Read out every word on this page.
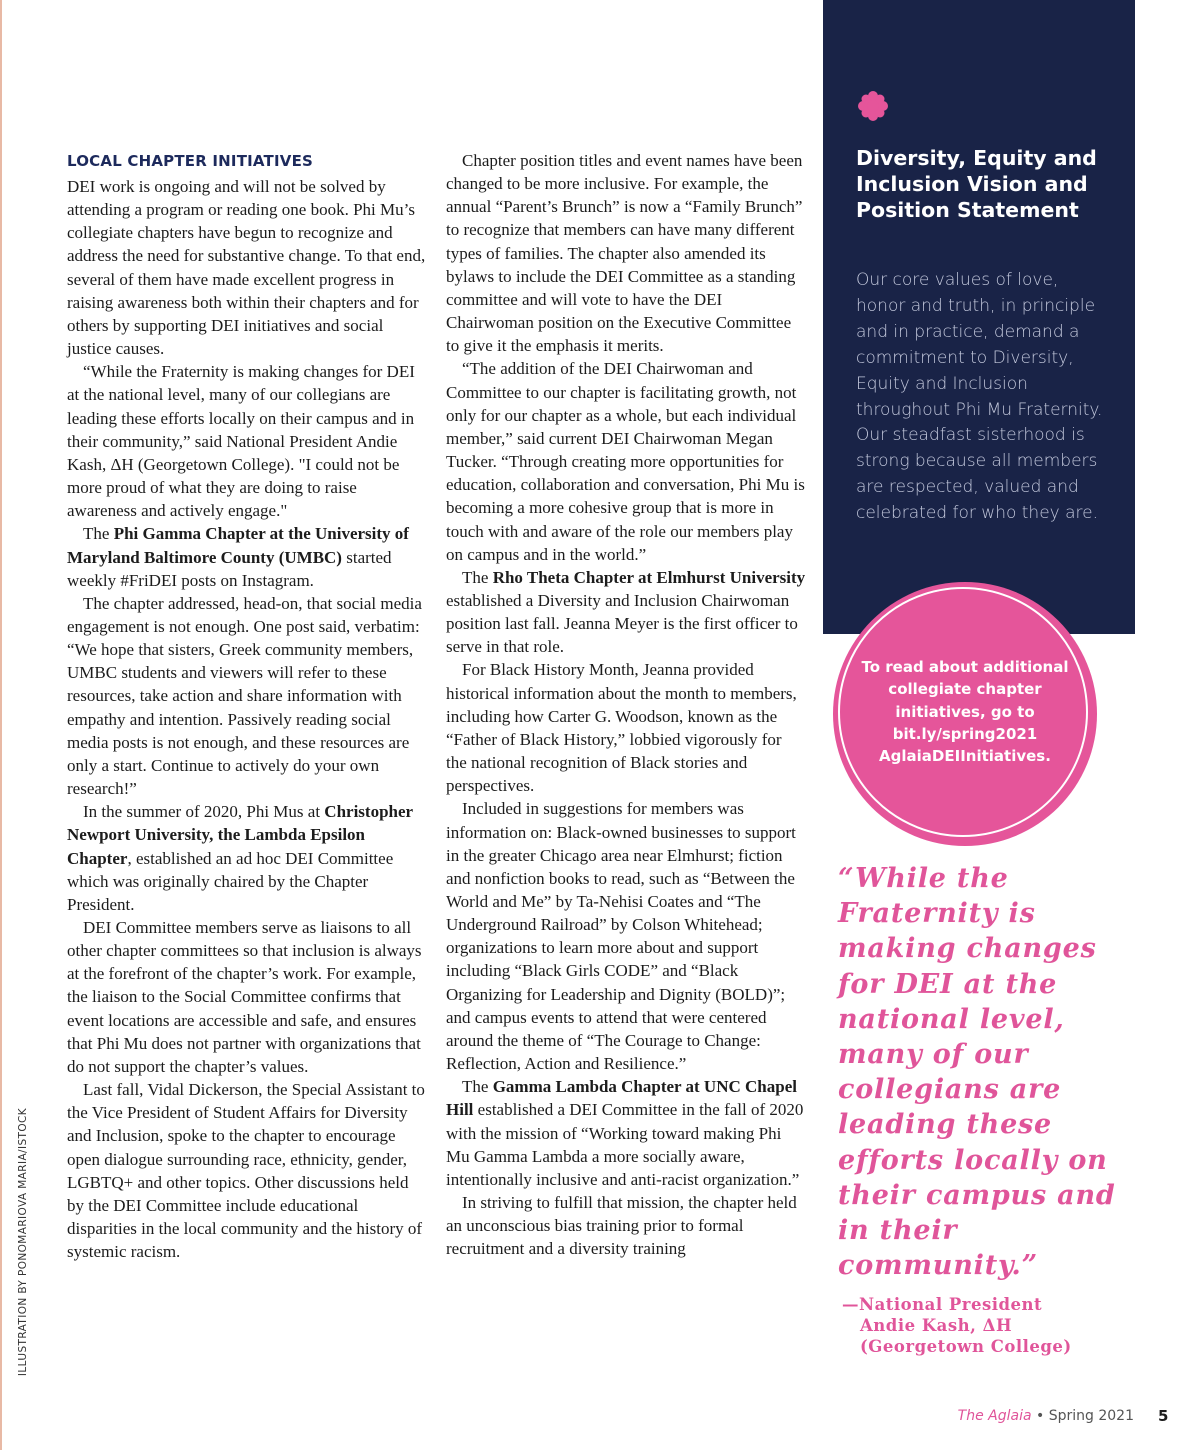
ILLUSTRATION BY PONOMARIOVA MARIA/ISTOCK
LOCAL CHAPTER INITIATIVES

DEI work is ongoing and will not be solved by attending a program or reading one book. Phi Mu’s collegiate chapters have begun to recognize and address the need for substantive change. To that end, several of them have made excellent progress in raising awareness both within their chapters and for others by supporting DEI initiatives and social justice causes.

“While the Fraternity is making changes for DEI at the national level, many of our collegians are leading these efforts locally on their campus and in their community,” said National President Andie Kash, ΔH (Georgetown College). "I could not be more proud of what they are doing to raise awareness and actively engage."

The Phi Gamma Chapter at the University of Maryland Baltimore County (UMBC) started weekly #FriDEI posts on Instagram.

The chapter addressed, head-on, that social media engagement is not enough. One post said, verbatim: “We hope that sisters, Greek community members, UMBC students and viewers will refer to these resources, take action and share information with empathy and intention. Passively reading social media posts is not enough, and these resources are only a start. Continue to actively do your own research!”

In the summer of 2020, Phi Mus at Christopher Newport University, the Lambda Epsilon Chapter, established an ad hoc DEI Committee which was originally chaired by the Chapter President.

DEI Committee members serve as liaisons to all other chapter committees so that inclusion is always at the forefront of the chapter’s work. For example, the liaison to the Social Committee confirms that event locations are accessible and safe, and ensures that Phi Mu does not partner with organizations that do not support the chapter’s values.

Last fall, Vidal Dickerson, the Special Assistant to the Vice President of Student Affairs for Diversity and Inclusion, spoke to the chapter to encourage open dialogue surrounding race, ethnicity, gender, LGBTQ+ and other topics. Other discussions held by the DEI Committee include educational disparities in the local community and the history of systemic racism.

Chapter position titles and event names have been changed to be more inclusive. For example, the annual “Parent’s Brunch” is now a “Family Brunch” to recognize that members can have many different types of families. The chapter also amended its bylaws to include the DEI Committee as a standing committee and will vote to have the DEI Chairwoman position on the Executive Committee to give it the emphasis it merits.

“The addition of the DEI Chairwoman and Committee to our chapter is facilitating growth, not only for our chapter as a whole, but each individual member,” said current DEI Chairwoman Megan Tucker. “Through creating more opportunities for education, collaboration and conversation, Phi Mu is becoming a more cohesive group that is more in touch with and aware of the role our members play on campus and in the world.”

The Rho Theta Chapter at Elmhurst University established a Diversity and Inclusion Chairwoman position last fall. Jeanna Meyer is the first officer to serve in that role.

For Black History Month, Jeanna provided historical information about the month to members, including how Carter G. Woodson, known as the “Father of Black History,” lobbied vigorously for the national recognition of Black stories and perspectives.

Included in suggestions for members was information on: Black-owned businesses to support in the greater Chicago area near Elmhurst; fiction and nonfiction books to read, such as “Between the World and Me” by Ta-Nehisi Coates and “The Underground Railroad” by Colson Whitehead; organizations to learn more about and support including “Black Girls CODE” and “Black Organizing for Leadership and Dignity (BOLD)”; and campus events to attend that were centered around the theme of “The Courage to Change: Reflection, Action and Resilience.”

The Gamma Lambda Chapter at UNC Chapel Hill established a DEI Committee in the fall of 2020 with the mission of “Working toward making Phi Mu Gamma Lambda a more socially aware, intentionally inclusive and anti-racist organization.”

In striving to fulfill that mission, the chapter held an unconscious bias training prior to formal recruitment and a diversity training

Diversity, Equity and Inclusion Vision and Position Statement

Our core values of love, honor and truth, in principle and in practice, demand a commitment to Diversity, Equity and Inclusion throughout Phi Mu Fraternity. Our steadfast sisterhood is strong because all members are respected, valued and celebrated for who they are.

To read about additional collegiate chapter initiatives, go to bit.ly/spring2021 AglaiaDEIInitiatives.

“While the Fraternity is making changes for DEI at the national level, many of our collegians are leading these efforts locally on their campus and in their community.”

—National President
Andie Kash, ΔH
(Georgetown College)
The Aglaia • Spring 2021 5
